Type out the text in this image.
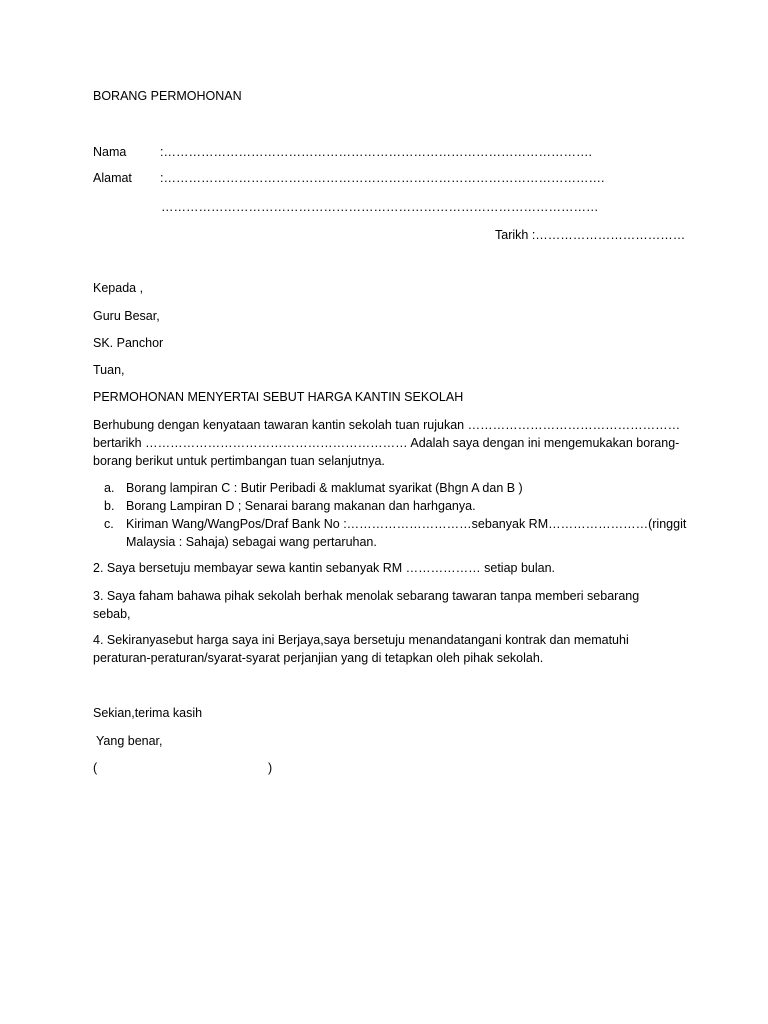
BORANG PERMOHONAN
Nama	:………………………………………………………………………………………….
Alamat :…………………………………………………………………………………………….
……………………………………………………………………………………………
Tarikh :………………………………
Kepada ,
Guru Besar,
SK. Panchor
Tuan,
PERMOHONAN MENYERTAI SEBUT HARGA KANTIN SEKOLAH
Berhubung dengan kenyataan tawaran kantin sekolah tuan rujukan ……………………………………………
bertarikh ……………………………………………………… Adalah saya dengan ini mengemukakan borang-
borang berikut untuk pertimbangan tuan selanjutnya.
a. Borang lampiran C : Butir Peribadi & maklumat syarikat (Bhgn A dan B )
b. Borang Lampiran D ; Senarai barang makanan dan harhganya.
c. Kiriman Wang/WangPos/Draf Bank No :…………………………sebanyak RM……………………(ringgit
Malaysia : Sahaja) sebagai wang pertaruhan.
2. Saya bersetuju membayar sewa kantin sebanyak RM ……………… setiap bulan.
3. Saya faham bahawa pihak sekolah berhak menolak sebarang tawaran tanpa memberi sebarang
sebab,
4. Sekiranyasebut harga saya ini Berjaya,saya bersetuju menandatangani kontrak dan mematuhi
peraturan-peraturan/syarat-syarat perjanjian yang di tetapkan oleh pihak sekolah.
Sekian,terima kasih
Yang benar,
(	)
